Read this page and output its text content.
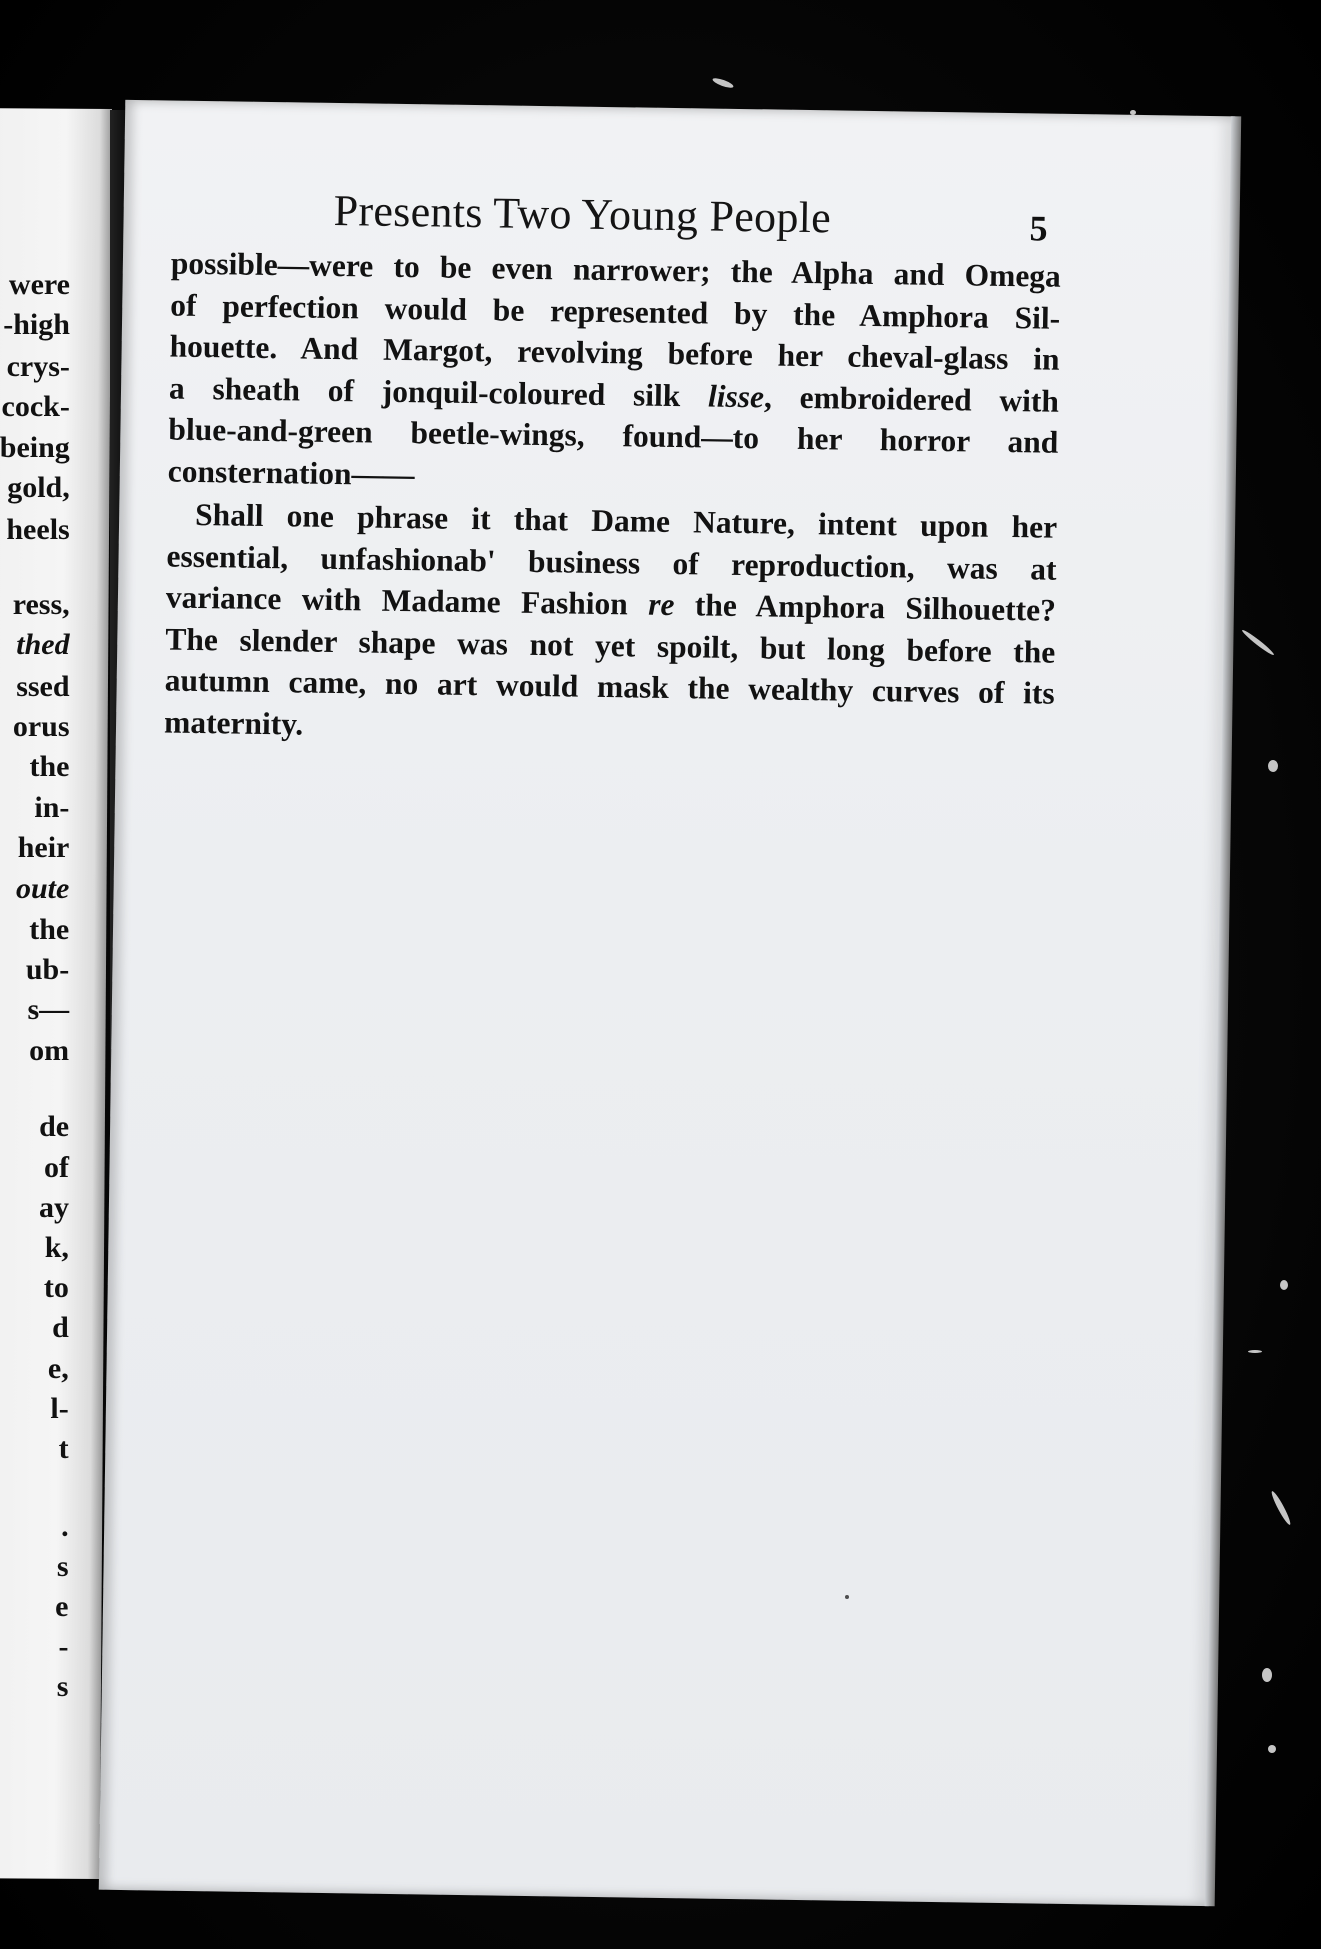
Presents Two Young People	5

possible—were to be even narrower; the Alpha and Omega
of perfection would be represented by the Amphora Sil-
houette. And Margot, revolving before her cheval-glass in
a sheath of jonquil-coloured silk lisse, embroidered with
blue-and-green beetle-wings, found—to her horror and
consternation——

Shall one phrase it that Dame Nature, intent upon her
essential, unfashionab' business of reproduction, was at
variance with Madame Fashion re the Amphora Silhouette?
The slender shape was not yet spoilt, but long before the
autumn came, no art would mask the wealthy curves of its
maternity.

were
-high
crys-
cock-
being
gold,
heels
ress,
thed
ssed
orus
the
in-
heir
oute
the
ub-
s—
om
de
of
ay
k,
to
d
e,
l-
t
.
s
e
-
s
